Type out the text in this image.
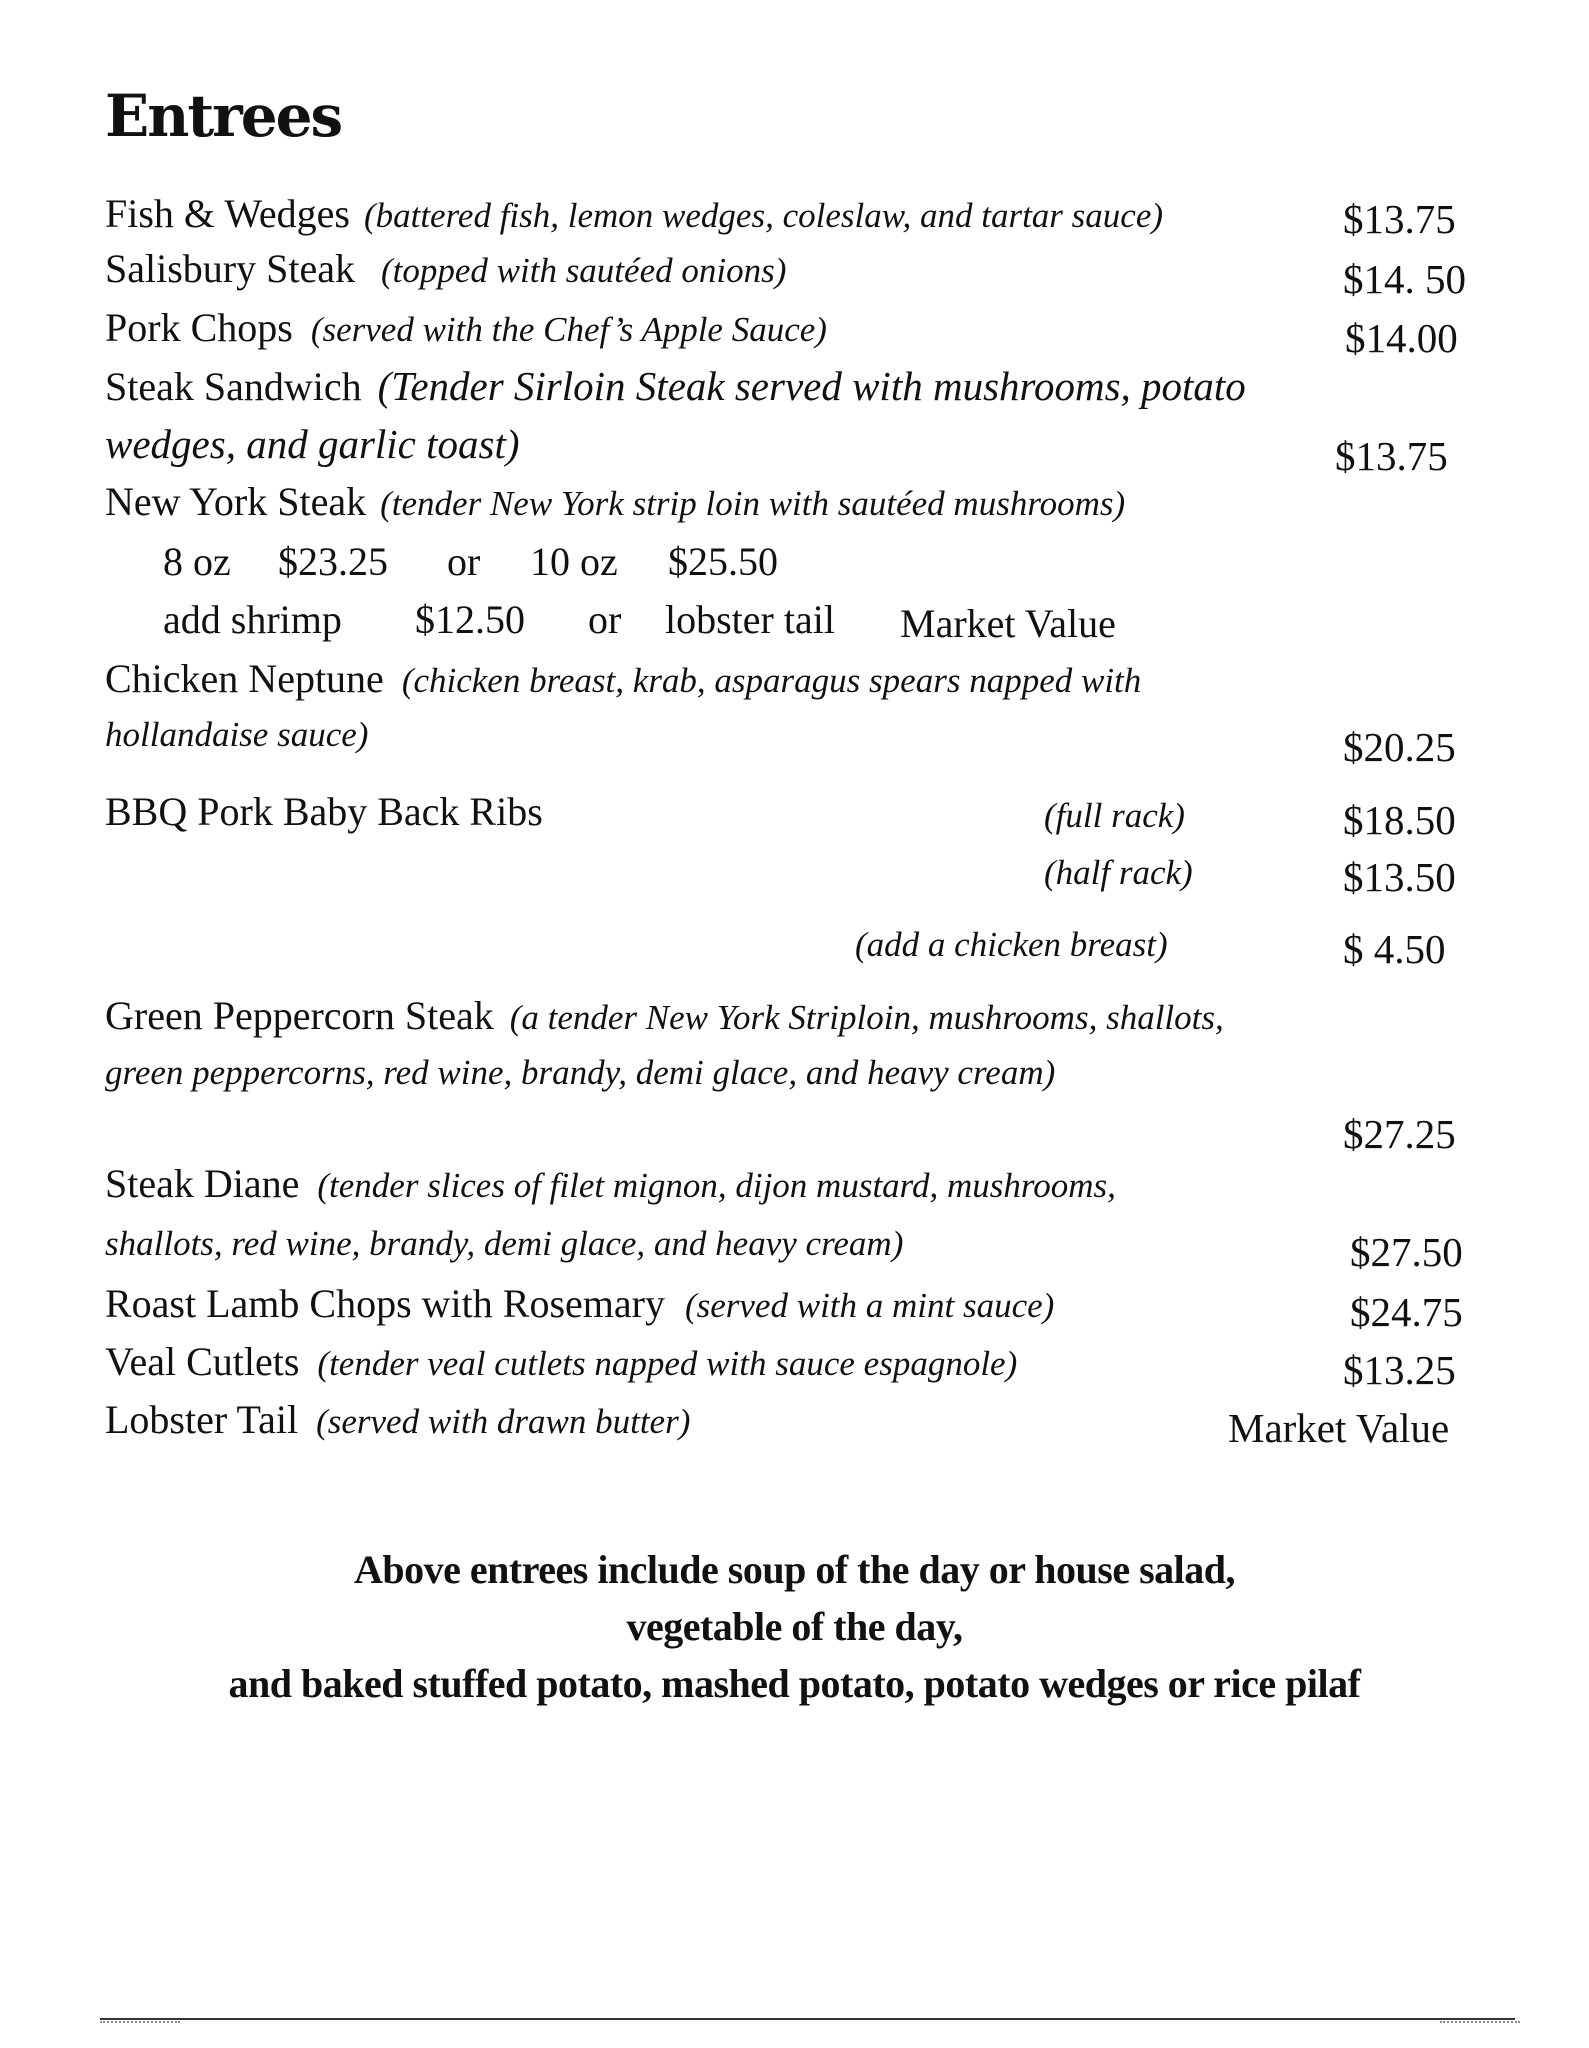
Entrees
Fish & Wedges (battered fish, lemon wedges, coleslaw, and tartar sauce)	$13.75
Salisbury Steak (topped with sautéed onions)	$14. 50
Pork Chops (served with the Chef’s Apple Sauce)	$14.00
Steak Sandwich (Tender Sirloin Steak served with mushrooms, potato
wedges, and garlic toast)	$13.75
New York Steak (tender New York strip loin with sautéed mushrooms)
8 oz $23.25 or 10 oz $25.50
add shrimp $12.50 or lobster tail Market Value
Chicken Neptune (chicken breast, krab, asparagus spears napped with
hollandaise sauce)	$20.25
BBQ Pork Baby Back Ribs	(full rack)	$18.50
(half rack)	$13.50
(add a chicken breast)	$ 4.50
Green Peppercorn Steak (a tender New York Striploin, mushrooms, shallots,
green peppercorns, red wine, brandy, demi glace, and heavy cream)
$27.25
Steak Diane (tender slices of filet mignon, dijon mustard, mushrooms,
shallots, red wine, brandy, demi glace, and heavy cream)	$27.50
Roast Lamb Chops with Rosemary (served with a mint sauce)	$24.75
Veal Cutlets (tender veal cutlets napped with sauce espagnole)	$13.25
Lobster Tail (served with drawn butter)	Market Value
Above entrees include soup of the day or house salad,
vegetable of the day,
and baked stuffed potato, mashed potato, potato wedges or rice pilaf
